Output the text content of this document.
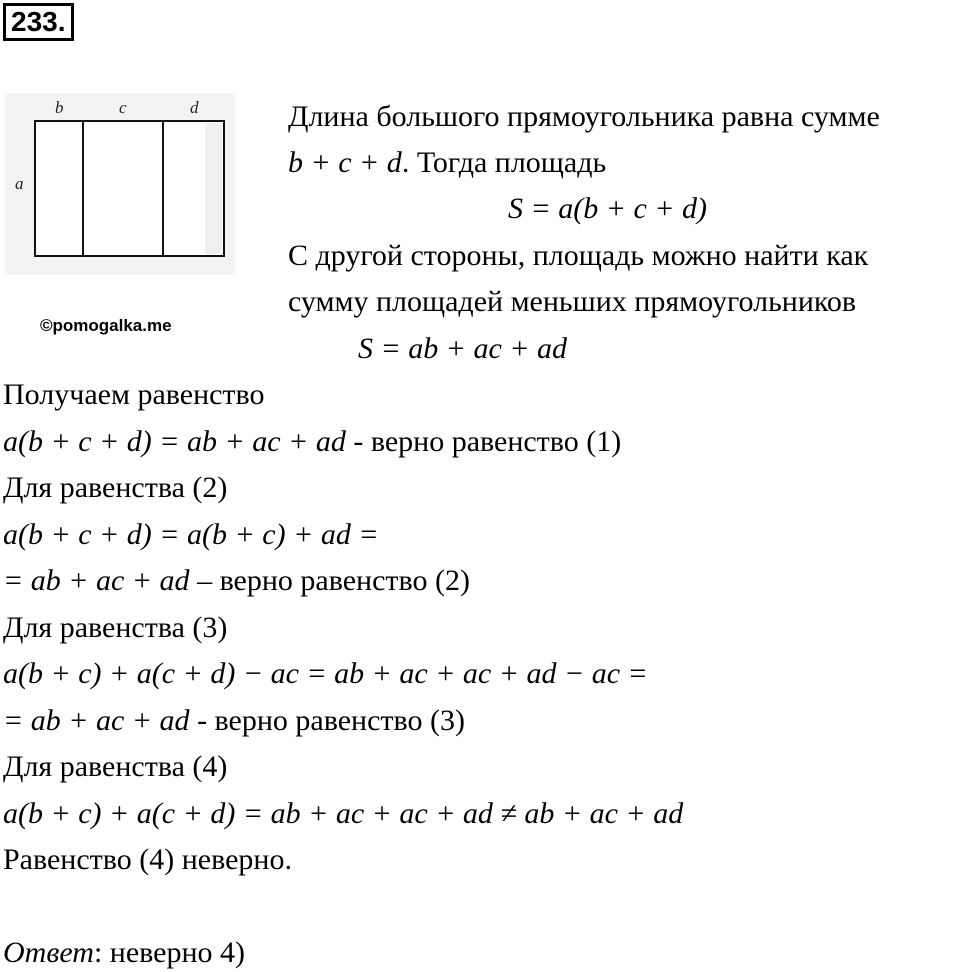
233.
b	c	d
a
©pomogalka.me
Длина большого прямоугольника равна сумме
b + c + d. Тогда площадь
S = a(b + c + d)
С другой стороны, площадь можно найти как
сумму площадей меньших прямоугольников
S = ab + ac + ad
Получаем равенство
a(b + c + d) = ab + ac + ad - верно равенство (1)
Для равенства (2)
a(b + c + d) = a(b + c) + ad =
= ab + ac + ad – верно равенство (2)
Для равенства (3)
a(b + c) + a(c + d) − ac = ab + ac + ac + ad − ac =
= ab + ac + ad - верно равенство (3)
Для равенства (4)
a(b + c) + a(c + d) = ab + ac + ac + ad ≠ ab + ac + ad
Равенство (4) неверно.
Ответ: неверно 4)
